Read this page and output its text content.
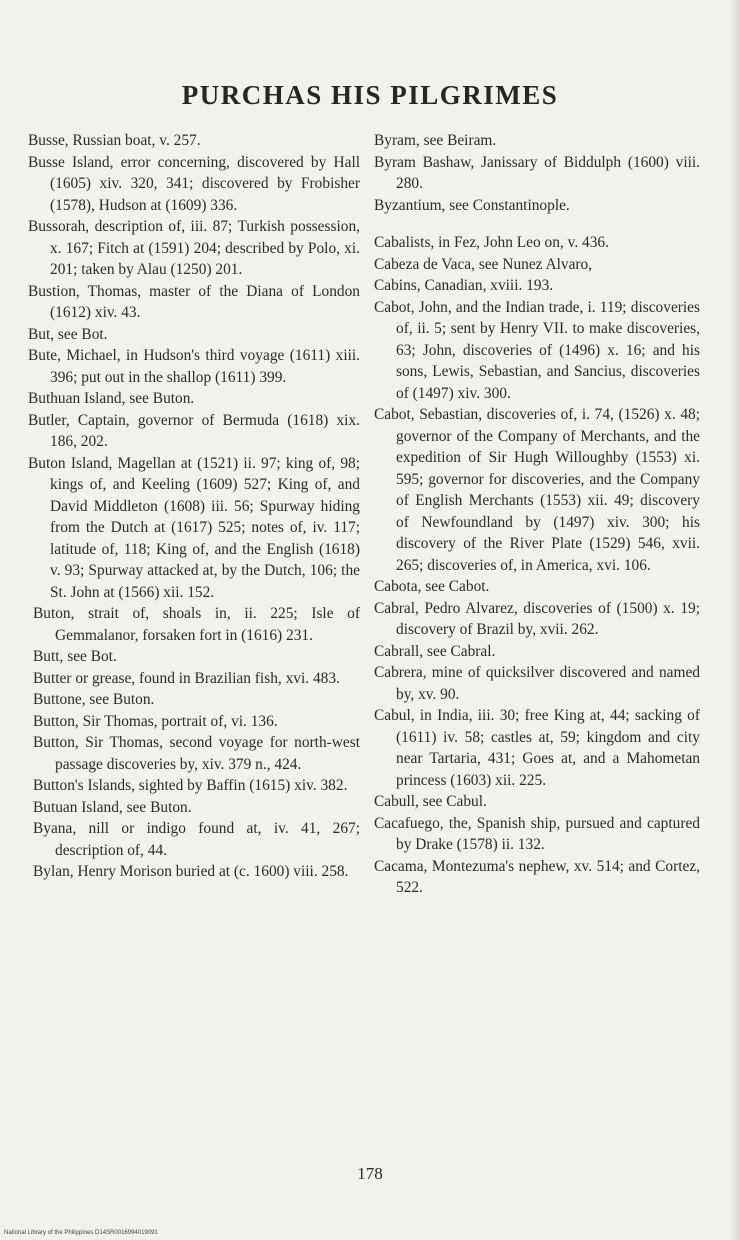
PURCHAS HIS PILGRIMES

Busse, Russian boat, v. 257.

Busse Island, error concerning, discovered by Hall (1605) xiv. 320, 341; discovered by Frobisher (1578), Hudson at (1609) 336.

Bussorah, description of, iii. 87; Turkish possession, x. 167; Fitch at (1591) 204; described by Polo, xi. 201; taken by Alau (1250) 201.

Bustion, Thomas, master of the Diana of London (1612) xiv. 43.

But, see Bot.

Bute, Michael, in Hudson's third voyage (1611) xiii. 396; put out in the shallop (1611) 399.

Buthuan Island, see Buton.

Butler, Captain, governor of Bermuda (1618) xix. 186, 202.

Buton Island, Magellan at (1521) ii. 97; king of, 98; kings of, and Keeling (1609) 527; King of, and David Middleton (1608) iii. 56; Spurway hiding from the Dutch at (1617) 525; notes of, iv. 117; latitude of, 118; King of, and the English (1618) v. 93; Spurway attacked at, by the Dutch, 106; the St. John at (1566) xii. 152.

Buton, strait of, shoals in, ii. 225; Isle of Gemmalanor, forsaken fort in (1616) 231.

Butt, see Bot.

Butter or grease, found in Brazilian fish, xvi. 483.

Buttone, see Buton.

Button, Sir Thomas, portrait of, vi. 136.

Button, Sir Thomas, second voyage for north-west passage discoveries by, xiv. 379 n., 424.

Button's Islands, sighted by Baffin (1615) xiv. 382.

Butuan Island, see Buton.

Byana, nill or indigo found at, iv. 41, 267; description of, 44.

Bylan, Henry Morison buried at (c. 1600) viii. 258.

Byram, see Beiram.

Byram Bashaw, Janissary of Biddulph (1600) viii. 280.

Byzantium, see Constantinople.

Cabalists, in Fez, John Leo on, v. 436.

Cabeza de Vaca, see Nunez Alvaro,

Cabins, Canadian, xviii. 193.

Cabot, John, and the Indian trade, i. 119; discoveries of, ii. 5; sent by Henry VII. to make discoveries, 63; John, discoveries of (1496) x. 16; and his sons, Lewis, Sebastian, and Sancius, discoveries of (1497) xiv. 300.

Cabot, Sebastian, discoveries of, i. 74, (1526) x. 48; governor of the Company of Merchants, and the expedition of Sir Hugh Willoughby (1553) xi. 595; governor for discoveries, and the Company of English Merchants (1553) xii. 49; discovery of Newfoundland by (1497) xiv. 300; his discovery of the River Plate (1529) 546, xvii. 265; discoveries of, in America, xvi. 106.

Cabota, see Cabot.

Cabral, Pedro Alvarez, discoveries of (1500) x. 19; discovery of Brazil by, xvii. 262.

Cabrall, see Cabral.

Cabrera, mine of quicksilver discovered and named by, xv. 90.

Cabul, in India, iii. 30; free King at, 44; sacking of (1611) iv. 58; castles at, 59; kingdom and city near Tartaria, 431; Goes at, and a Mahometan princess (1603) xii. 225.

Cabull, see Cabul.

Cacafuego, the, Spanish ship, pursued and captured by Drake (1578) ii. 132.

Cacama, Montezuma's nephew, xv. 514; and Cortez, 522.

178
National Library of the Philippines D14SR0016994019091
